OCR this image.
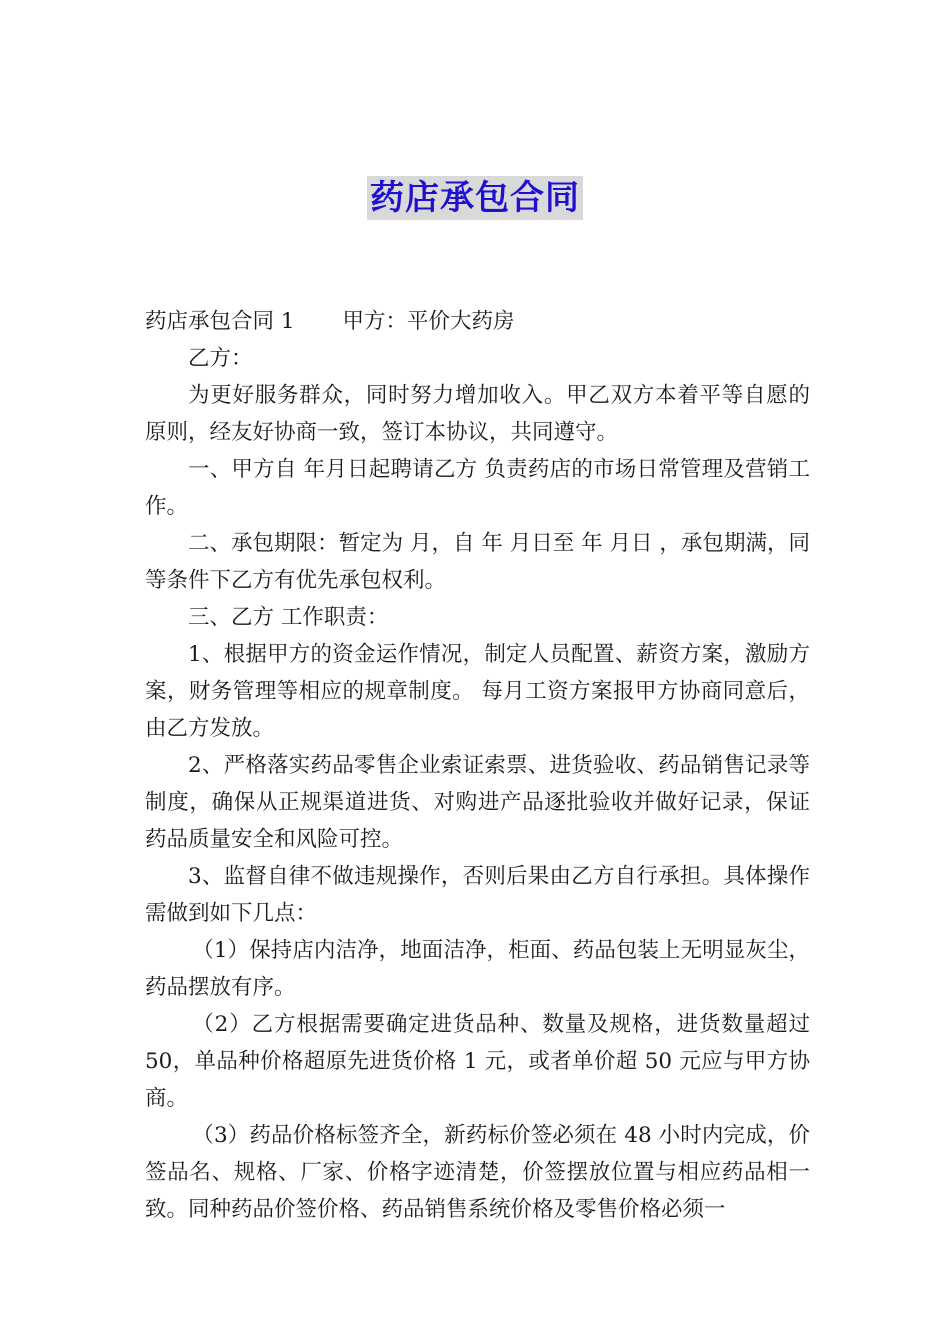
药店承包合同

药店承包合同 1 甲方：平价大药房

乙方：

为更好服务群众，同时努力增加收入。甲乙双方本着平等自愿的原则，经友好协商一致，签订本协议，共同遵守。

一、甲方自 年月日起聘请乙方 负责药店的市场日常管理及营销工作。

二、承包期限：暂定为 月，自 年 月日至 年 月日 ，承包期满，同等条件下乙方有优先承包权利。

三、乙方 工作职责：

1、根据甲方的资金运作情况，制定人员配置、薪资方案，激励方案，财务管理等相应的规章制度。 每月工资方案报甲方协商同意后，由乙方发放。

2、严格落实药品零售企业索证索票、进货验收、药品销售记录等制度，确保从正规渠道进货、对购进产品逐批验收并做好记录，保证药品质量安全和风险可控。

3、监督自律不做违规操作，否则后果由乙方自行承担。具体操作需做到如下几点：

（1）保持店内洁净，地面洁净，柜面、药品包装上无明显灰尘，药品摆放有序。

（2）乙方根据需要确定进货品种、数量及规格，进货数量超过 50，单品种价格超原先进货价格 1 元，或者单价超 50 元应与甲方协商。

（3）药品价格标签齐全，新药标价签必须在 48 小时内完成，价签品名、规格、厂家、价格字迹清楚，价签摆放位置与相应药品相一致。同种药品价签价格、药品销售系统价格及零售价格必须一
